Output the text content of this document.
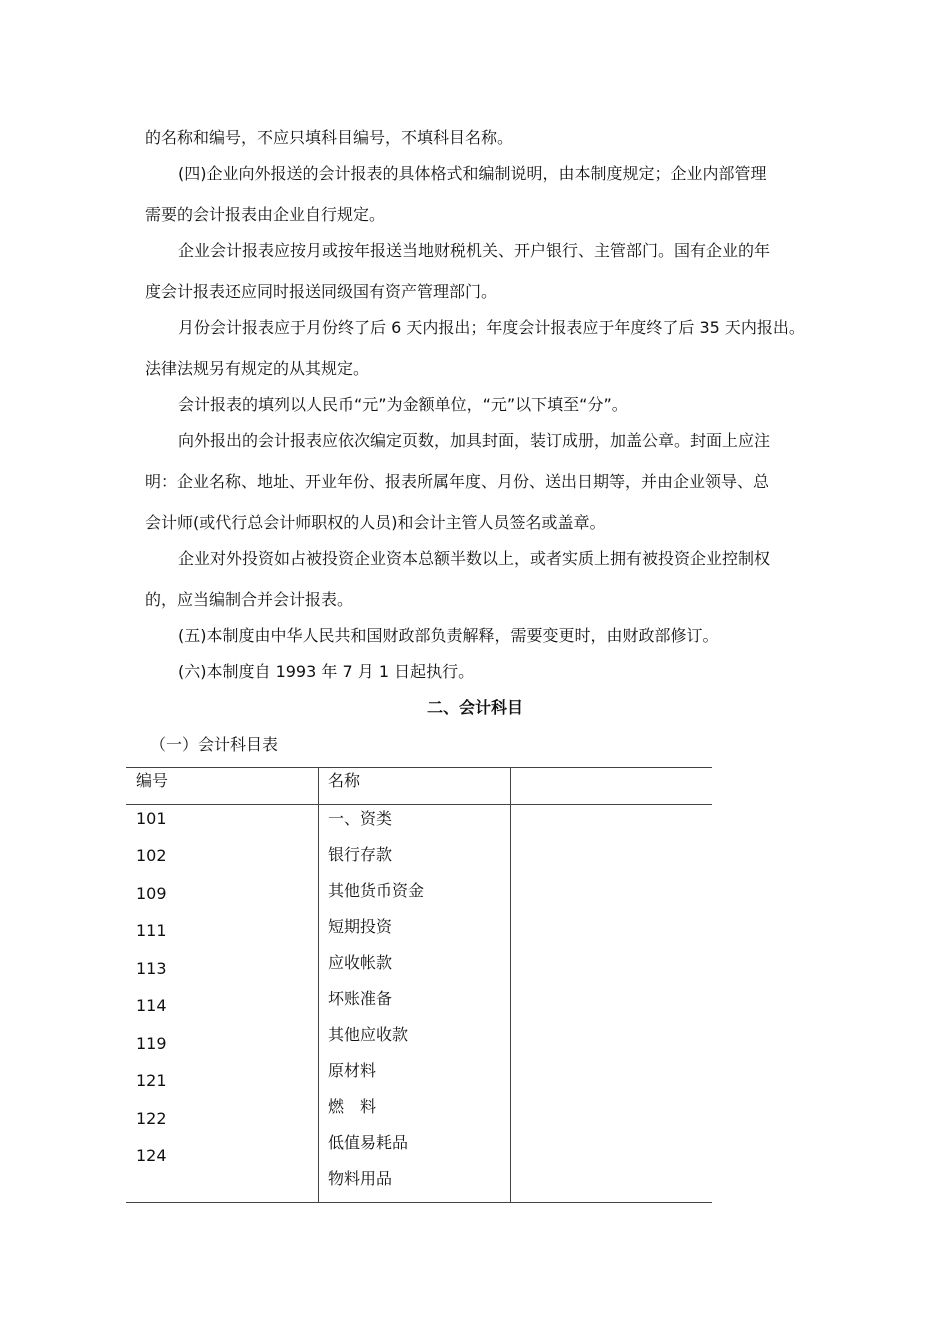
的名称和编号，不应只填科目编号，不填科目名称。
(四)企业向外报送的会计报表的具体格式和编制说明，由本制度规定；企业内部管理
需要的会计报表由企业自行规定。
企业会计报表应按月或按年报送当地财税机关、开户银行、主管部门。国有企业的年
度会计报表还应同时报送同级国有资产管理部门。
月份会计报表应于月份终了后 6 天内报出；年度会计报表应于年度终了后 35 天内报出。
法律法规另有规定的从其规定。
会计报表的填列以人民币“元”为金额单位，“元”以下填至“分”。
向外报出的会计报表应依次编定页数，加具封面，装订成册，加盖公章。封面上应注
明：企业名称、地址、开业年份、报表所属年度、月份、送出日期等，并由企业领导、总
会计师(或代行总会计师职权的人员)和会计主管人员签名或盖章。
企业对外投资如占被投资企业资本总额半数以上，或者实质上拥有被投资企业控制权
的，应当编制合并会计报表。
(五)本制度由中华人民共和国财政部负责解释，需要变更时，由财政部修订。
(六)本制度自 1993 年 7 月 1 日起执行。
二、会计科目
（一）会计科目表
编号	名称
101
102
109
111
113
114
119
121
122
124
一、资类
银行存款
其他货币资金
短期投资
应收帐款
坏账准备
其他应收款
原材料
燃　料
低值易耗品
物料用品
